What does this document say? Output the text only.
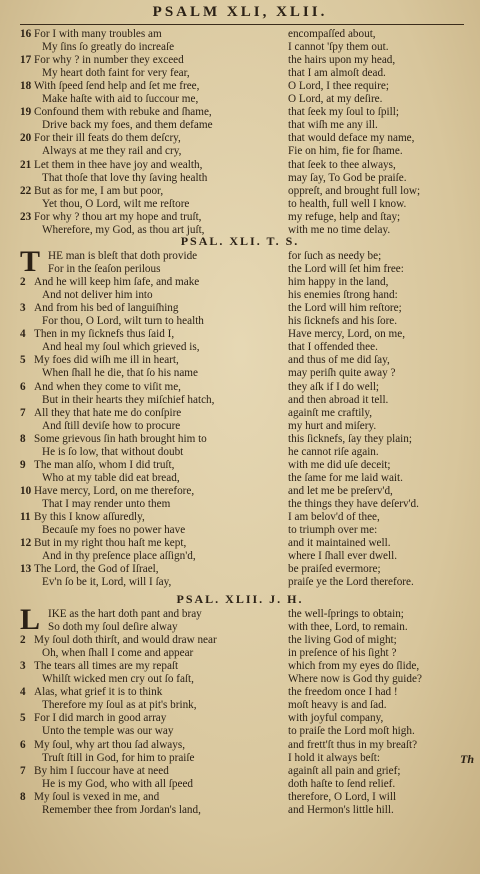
PSALM XLI, XLII.
16 For I with many troubles am	encompaſſed about,
My ſins ſo greatly do increaſe	I cannot 'ſpy them out.
17 For why ? in number they exceed	the hairs upon my head,
My heart doth faint for very fear,	that I am almoſt dead.
18 With ſpeed ſend help and ſet me free,	O Lord, I thee require;
Make haſte with aid to ſuccour me,	O Lord, at my deſire.
19 Confound them with rebuke and ſhame,	that ſeek my ſoul to ſpill;
Drive back my foes, and them defame	that wiſh me any ill.
20 For their ill feats do them deſcry,	that would deface my name,
Always at me they rail and cry,	Fie on him, fie for ſhame.
21 Let them in thee have joy and wealth,	that ſeek to thee always,
That thoſe that love thy ſaving health	may ſay, To God be praiſe.
22 But as for me, I am but poor,	oppreſt, and brought full low;
Yet thou, O Lord, wilt me reſtore	to health, full well I know.
23 For why ? thou art my hope and truſt,	my refuge, help and ſtay;
Wherefore, my God, as thou art juſt,	with me no time delay.
PSAL. XLI. T. S.
T HE man is bleſt that doth provide	for ſuch as needy be;
For in the ſeaſon perilous	the Lord will ſet him free:
2 And he will keep him ſafe, and make	him happy in the land,
And not deliver him into	his enemies ſtrong hand:
3 And from his bed of languiſhing	the Lord will him reſtore;
For thou, O Lord, wilt turn to health	his ſicknefs and his ſore.
4 Then in my ſicknefs thus ſaid I,	Have mercy, Lord, on me,
And heal my ſoul which grieved is,	that I offended thee.
5 My foes did wiſh me ill in heart,	and thus of me did ſay,
When ſhall he die, that ſo his name	may periſh quite away ?
6 And when they come to viſit me,	they aſk if I do well;
But in their hearts they miſchief hatch,	and then abroad it tell.
7 All they that hate me do conſpire	againſt me craftily,
And ſtill deviſe how to procure	my hurt and miſery.
8 Some grievous ſin hath brought him to	this ſicknefs, ſay they plain;
He is ſo low, that without doubt	he cannot riſe again.
9 The man alſo, whom I did truſt,	with me did uſe deceit;
Who at my table did eat bread,	the ſame for me laid wait.
10 Have mercy, Lord, on me therefore,	and let me be preſerv'd,
That I may render unto them	the things they have deſerv'd.
11 By this I know aſſuredly,	I am belov'd of thee,
Becauſe my foes no power have	to triumph over me:
12 But in my right thou haſt me kept,	and it maintained well.
And in thy preſence place aſſign'd,	where I ſhall ever dwell.
13 The Lord, the God of Iſrael,	be praiſed evermore;
Ev'n ſo be it, Lord, will I ſay,	praiſe ye the Lord therefore.
PSAL. XLII. J. H.
L IKE as the hart doth pant and bray	the well-ſprings to obtain;
So doth my ſoul deſire alway	with thee, Lord, to remain.
2 My ſoul doth thirſt, and would draw near	the living God of might;
Oh, when ſhall I come and appear	in preſence of his ſight ?
3 The tears all times are my repaſt	which from my eyes do ſlide,
Whilſt wicked men cry out ſo faſt,	Where now is God thy guide?
4 Alas, what grief it is to think	the freedom once I had !
Therefore my ſoul as at pit's brink,	moſt heavy is and ſad.
5 For I did march in good array	with joyful company,
Unto the temple was our way	to praiſe the Lord moſt high.
6 My ſoul, why art thou ſad always,	and frett'ſt thus in my breaſt?
Truſt ſtill in God, for him to praiſe	I hold it always beſt:
7 By him I ſuccour have at need	againſt all pain and grief;
He is my God, who with all ſpeed	doth haſte to ſend relief.
8 My ſoul is vexed in me, and	therefore, O Lord, I will
Remember thee from Jordan's land,	and Hermon's little hill.
Th
